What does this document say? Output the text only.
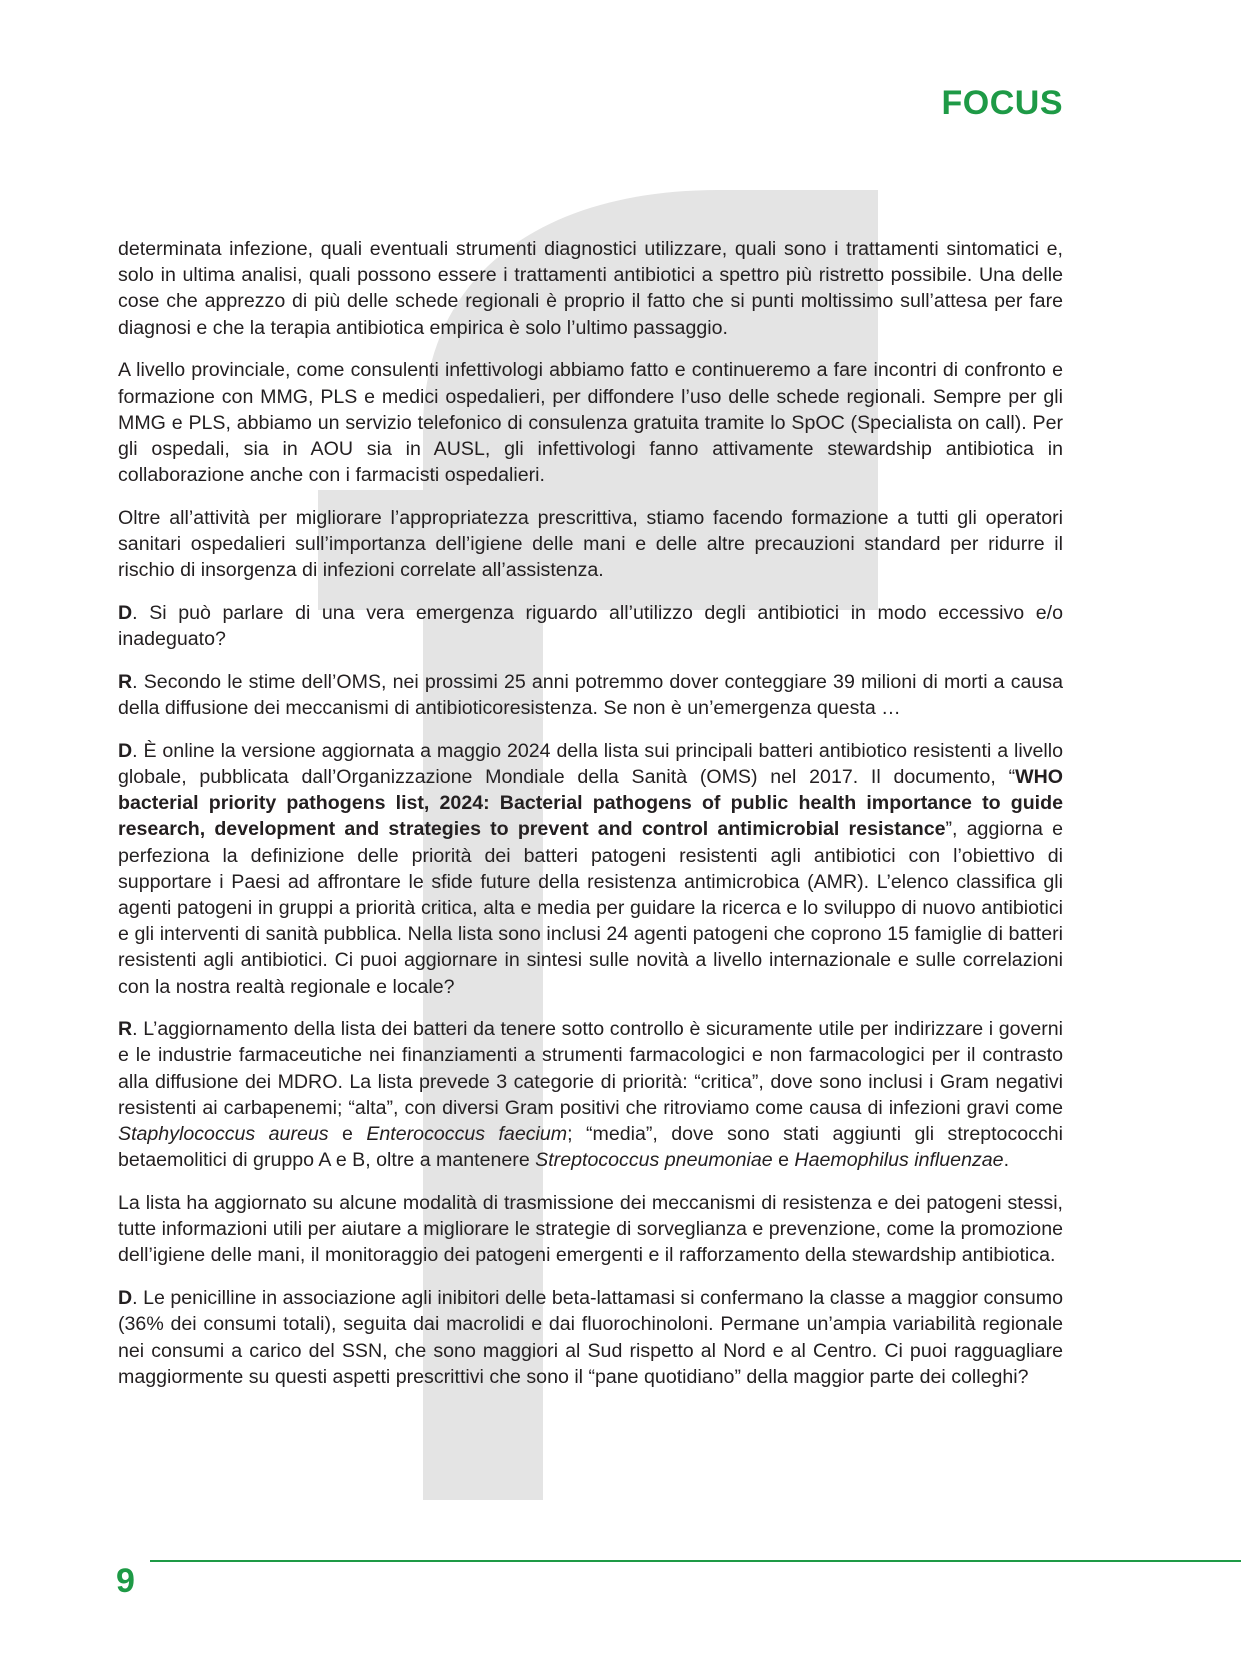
FOCUS

determinata infezione, quali eventuali strumenti diagnostici utilizzare, quali sono i trattamenti sintomatici e, solo in ultima analisi, quali possono essere i trattamenti antibiotici a spettro più ristretto possibile. Una delle cose che apprezzo di più delle schede regionali è proprio il fatto che si punti moltissimo sull’attesa per fare diagnosi e che la terapia antibiotica empirica è solo l’ultimo passaggio.

A livello provinciale, come consulenti infettivologi abbiamo fatto e continueremo a fare incontri di confronto e formazione con MMG, PLS e medici ospedalieri, per diffondere l’uso delle schede regionali. Sempre per gli MMG e PLS, abbiamo un servizio telefonico di consulenza gratuita tramite lo SpOC (Specialista on call). Per gli ospedali, sia in AOU sia in AUSL, gli infettivologi fanno attivamente stewardship antibiotica in collaborazione anche con i farmacisti ospedalieri.

Oltre all’attività per migliorare l’appropriatezza prescrittiva, stiamo facendo formazione a tutti gli operatori sanitari ospedalieri sull’importanza dell’igiene delle mani e delle altre precauzioni standard per ridurre il rischio di insorgenza di infezioni correlate all’assistenza.

D. Si può parlare di una vera emergenza riguardo all’utilizzo degli antibiotici in modo eccessivo e/o inadeguato?

R. Secondo le stime dell’OMS, nei prossimi 25 anni potremmo dover conteggiare 39 milioni di morti a causa della diffusione dei meccanismi di antibioticoresistenza. Se non è un’emergenza questa …

D. È online la versione aggiornata a maggio 2024 della lista sui principali batteri antibiotico resistenti a livello globale, pubblicata dall’Organizzazione Mondiale della Sanità (OMS) nel 2017. Il documento, “WHO bacterial priority pathogens list, 2024: Bacterial pathogens of public health importance to guide research, development and strategies to prevent and control antimicrobial resistance”, aggiorna e perfeziona la definizione delle priorità dei batteri patogeni resistenti agli antibiotici con l’obiettivo di supportare i Paesi ad affrontare le sfide future della resistenza antimicrobica (AMR). L’elenco classifica gli agenti patogeni in gruppi a priorità critica, alta e media per guidare la ricerca e lo sviluppo di nuovo antibiotici e gli interventi di sanità pubblica. Nella lista sono inclusi 24 agenti patogeni che coprono 15 famiglie di batteri resistenti agli antibiotici. Ci puoi aggiornare in sintesi sulle novità a livello internazionale e sulle correlazioni con la nostra realtà regionale e locale?

R. L’aggiornamento della lista dei batteri da tenere sotto controllo è sicuramente utile per indirizzare i governi e le industrie farmaceutiche nei finanziamenti a strumenti farmacologici e non farmacologici per il contrasto alla diffusione dei MDRO. La lista prevede 3 categorie di priorità: “critica”, dove sono inclusi i Gram negativi resistenti ai carbapenemi; “alta”, con diversi Gram positivi che ritroviamo come causa di infezioni gravi come Staphylococcus aureus e Enterococcus faecium; “media”, dove sono stati aggiunti gli streptococchi betaemolitici di gruppo A e B, oltre a mantenere Streptococcus pneumoniae e Haemophilus influenzae.

La lista ha aggiornato su alcune modalità di trasmissione dei meccanismi di resistenza e dei patogeni stessi, tutte informazioni utili per aiutare a migliorare le strategie di sorveglianza e prevenzione, come la promozione dell’igiene delle mani, il monitoraggio dei patogeni emergenti e il rafforzamento della stewardship antibiotica.

D. Le penicilline in associazione agli inibitori delle beta-lattamasi si confermano la classe a maggior consumo (36% dei consumi totali), seguita dai macrolidi e dai fluorochinoloni. Permane un’ampia variabilità regionale nei consumi a carico del SSN, che sono maggiori al Sud rispetto al Nord e al Centro. Ci puoi ragguagliare maggiormente su questi aspetti prescrittivi che sono il “pane quotidiano” della maggior parte dei colleghi?

9
